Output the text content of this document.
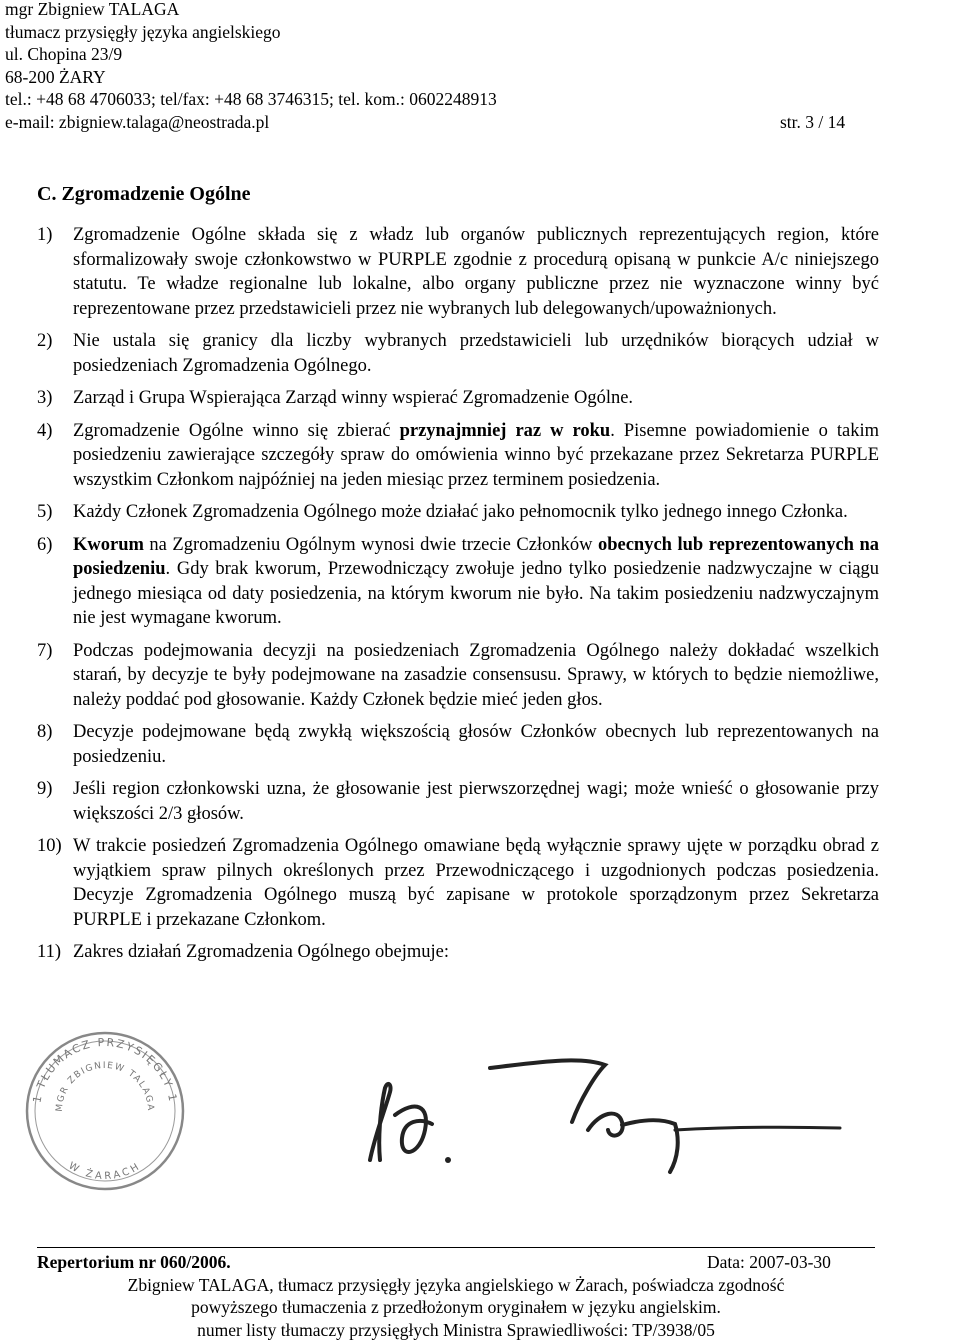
mgr Zbigniew TALAGA
tłumacz przysięgły języka angielskiego
ul. Chopina 23/9
68-200 ŻARY
tel.: +48 68 4706033; tel/fax: +48 68 3746315; tel. kom.: 0602248913
e-mail: zbigniew.talaga@neostrada.pl	str. 3 / 14
C. Zgromadzenie Ogólne
1)	Zgromadzenie Ogólne składa się z władz lub organów publicznych reprezentujących region, które sformalizowały swoje członkowstwo w PURPLE zgodnie z procedurą opisaną w punkcie A/c niniejszego statutu. Te władze regionalne lub lokalne, albo organy publiczne przez nie wyznaczone winny być reprezentowane przez przedstawicieli przez nie wybranych lub delegowanych/upoważnionych.
2)	Nie ustala się granicy dla liczby wybranych przedstawicieli lub urzędników biorących udział w posiedzeniach Zgromadzenia Ogólnego.
3)	Zarząd i Grupa Wspierająca Zarząd winny wspierać Zgromadzenie Ogólne.
4)	Zgromadzenie Ogólne winno się zbierać przynajmniej raz w roku. Pisemne powiadomienie o takim posiedzeniu zawierające szczegóły spraw do omówienia winno być przekazane przez Sekretarza PURPLE wszystkim Członkom najpóźniej na jeden miesiąc przez terminem posiedzenia.
5)	Każdy Członek Zgromadzenia Ogólnego może działać jako pełnomocnik tylko jednego innego Członka.
6)	Kworum na Zgromadzeniu Ogólnym wynosi dwie trzecie Członków obecnych lub reprezentowanych na posiedzeniu. Gdy brak kworum, Przewodniczący zwołuje jedno tylko posiedzenie nadzwyczajne w ciągu jednego miesiąca od daty posiedzenia, na którym kworum nie było. Na takim posiedzeniu nadzwyczajnym nie jest wymagane kworum.
7)	Podczas podejmowania decyzji na posiedzeniach Zgromadzenia Ogólnego należy dokładać wszelkich starań, by decyzje te były podejmowane na zasadzie consensusu. Sprawy, w których to będzie niemożliwe, należy poddać pod głosowanie. Każdy Członek będzie mieć jeden głos.
8)	Decyzje podejmowane będą zwykłą większością głosów Członków obecnych lub reprezentowanych na posiedzeniu.
9)	Jeśli region członkowski uzna, że głosowanie jest pierwszorzędnej wagi; może wnieść o głosowanie przy większości 2/3 głosów.
10) W trakcie posiedzeń Zgromadzenia Ogólnego omawiane będą wyłącznie sprawy ujęte w porządku obrad z wyjątkiem spraw pilnych określonych przez Przewodniczącego i uzgodnionych podczas posiedzenia. Decyzje Zgromadzenia Ogólnego muszą być zapisane w protokole sporządzonym przez Sekretarza PURPLE i przekazane Członkom.
11) Zakres działań Zgromadzenia Ogólnego obejmuje:
1 TŁUMACZ PRZYSIĘGŁY 1
MGR ZBIGNIEW TALAGA
W ŻARACH
Repertorium nr 060/2006.	Data: 2007-03-30
Zbigniew TALAGA, tłumacz przysięgły języka angielskiego w Żarach, poświadcza zgodność
powyższego tłumaczenia z przedłożonym oryginałem w języku angielskim.
numer listy tłumaczy przysięgłych Ministra Sprawiedliwości: TP/3938/05
